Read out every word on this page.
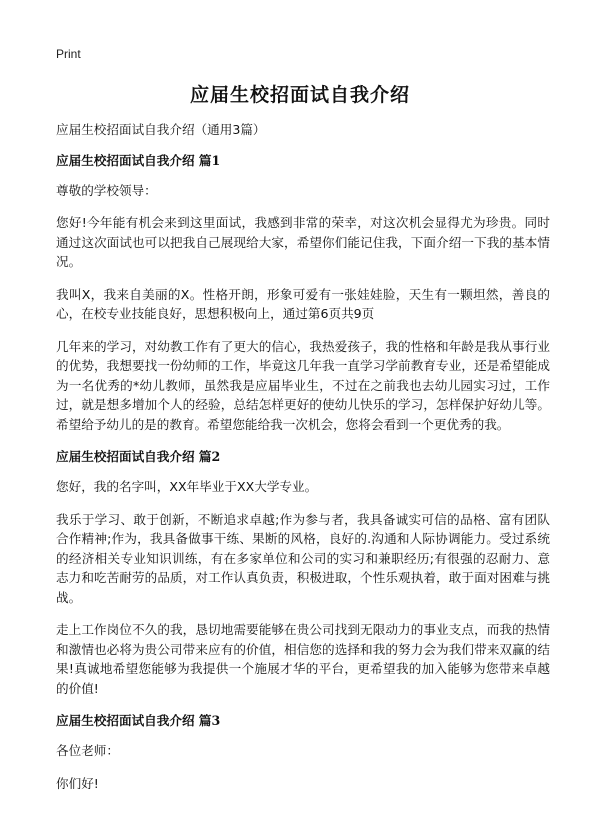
Print
应届生校招面试自我介绍

应届生校招面试自我介绍（通用3篇）

应届生校招面试自我介绍 篇1

尊敬的学校领导：

您好!今年能有机会来到这里面试，我感到非常的荣幸，对这次机会显得尤为珍贵。同时通过这次面试也可以把我自己展现给大家，希望你们能记住我，下面介绍一下我的基本情况。

我叫X，我来自美丽的X。性格开朗，形象可爱有一张娃娃脸，天生有一颗坦然，善良的心，在校专业技能良好，思想积极向上，通过第6页共9页

几年来的学习，对幼教工作有了更大的信心，我热爱孩子，我的性格和年龄是我从事行业的优势，我想要找一份幼师的工作，毕竟这几年我一直学习学前教育专业，还是希望能成为一名优秀的*幼儿教师，虽然我是应届毕业生，不过在之前我也去幼儿园实习过，工作过，就是想多增加个人的经验，总结怎样更好的使幼儿快乐的学习，怎样保护好幼儿等。希望给予幼儿的是的教育。希望您能给我一次机会，您将会看到一个更优秀的我。

应届生校招面试自我介绍 篇2

您好，我的名字叫，XX年毕业于XX大学专业。

我乐于学习、敢于创新，不断追求卓越;作为参与者，我具备诚实可信的品格、富有团队合作精神;作为，我具备做事干练、果断的风格，良好的.沟通和人际协调能力。受过系统的经济相关专业知识训练，有在多家单位和公司的实习和兼职经历;有很强的忍耐力、意志力和吃苦耐劳的品质，对工作认真负责，积极进取，个性乐观执着，敢于面对困难与挑战。

走上工作岗位不久的我，恳切地需要能够在贵公司找到无限动力的事业支点，而我的热情和激情也必将为贵公司带来应有的价值，相信您的选择和我的努力会为我们带来双赢的结果!真诚地希望您能够为我提供一个施展才华的平台，更希望我的加入能够为您带来卓越的价值!

应届生校招面试自我介绍 篇3

各位老师：

你们好!
